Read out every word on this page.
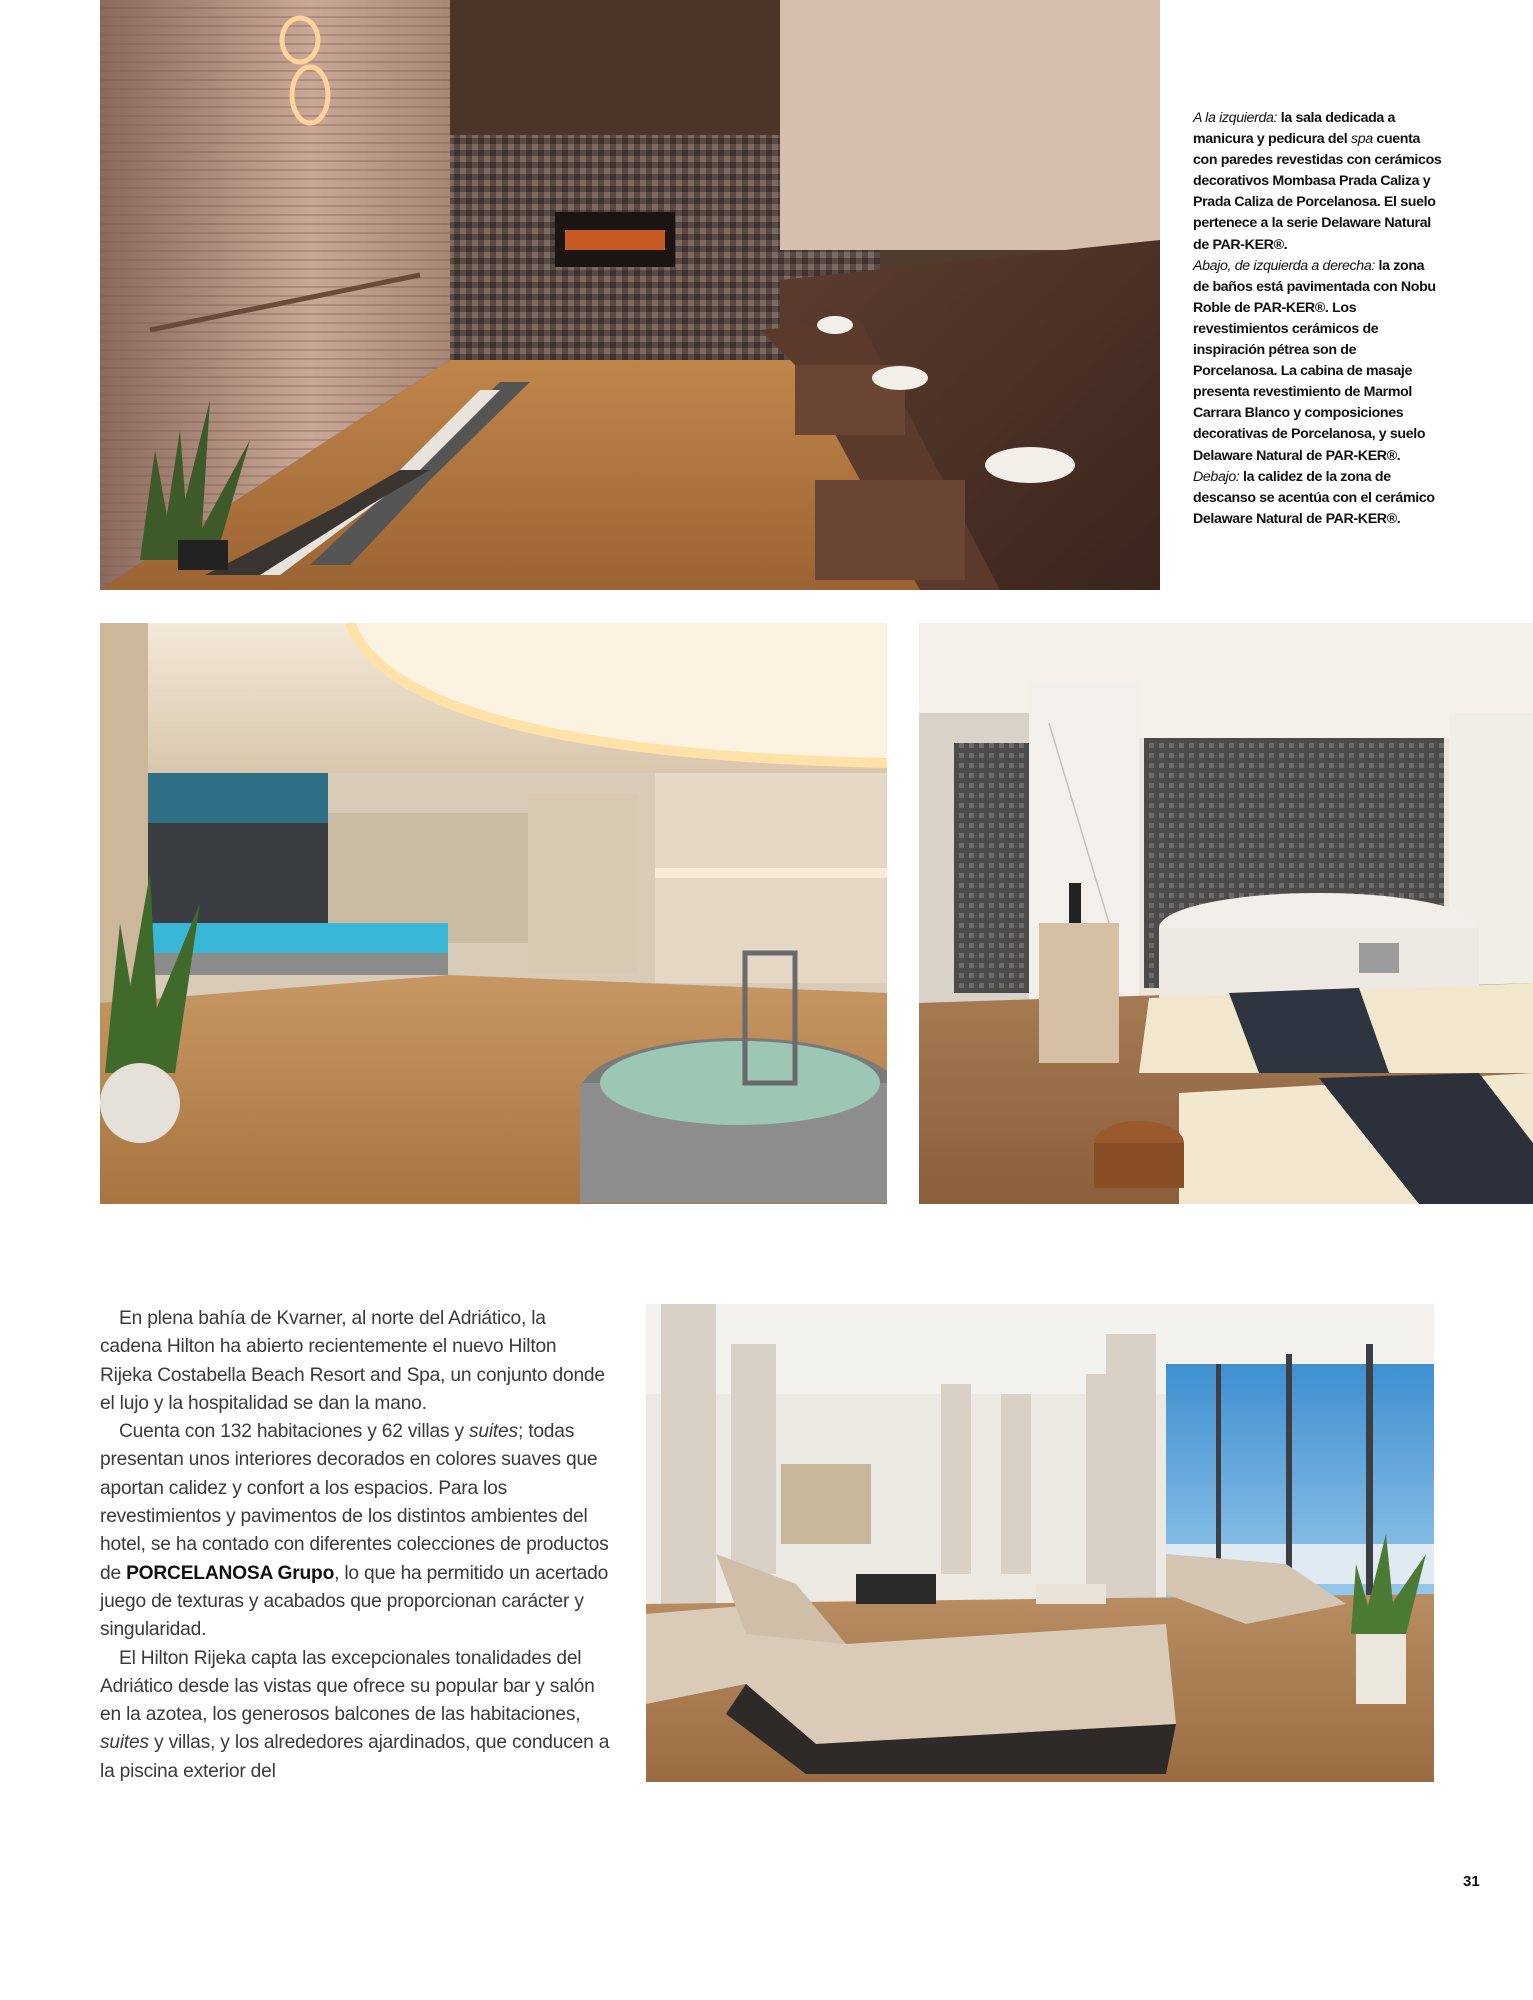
A la izquierda: la sala dedicada a manicura y pedicura del spa cuenta con paredes revestidas con cerámicos decorativos Mombasa Prada Caliza y Prada Caliza de Porcelanosa. El suelo pertenece a la serie Delaware Natural de PAR-KER®.

Abajo, de izquierda a derecha: la zona de baños está pavimentada con Nobu Roble de PAR-KER®. Los revestimientos cerámicos de inspiración pétrea son de Porcelanosa. La cabina de masaje presenta revestimiento de Marmol Carrara Blanco y composiciones decorativas de Porcelanosa, y suelo Delaware Natural de PAR-KER®.

Debajo: la calidez de la zona de descanso se acentúa con el cerámico Delaware Natural de PAR-KER®.

En plena bahía de Kvarner, al norte del Adriático, la cadena Hilton ha abierto recientemente el nuevo Hilton Rijeka Costabella Beach Resort and Spa, un conjunto donde el lujo y la hospitalidad se dan la mano.

Cuenta con 132 habitaciones y 62 villas y suites; todas presentan unos interiores decorados en colores suaves que aportan calidez y confort a los espacios. Para los revestimientos y pavimentos de los distintos ambientes del hotel, se ha contado con diferentes colecciones de productos de PORCELANOSA Grupo, lo que ha permitido un acertado juego de texturas y acabados que proporcionan carácter y singularidad.

El Hilton Rijeka capta las excepcionales tonalidades del Adriático desde las vistas que ofrece su popular bar y salón en la azotea, los generosos balcones de las habitaciones, suites y villas, y los alrededores ajardinados, que conducen a la piscina exterior del

31
